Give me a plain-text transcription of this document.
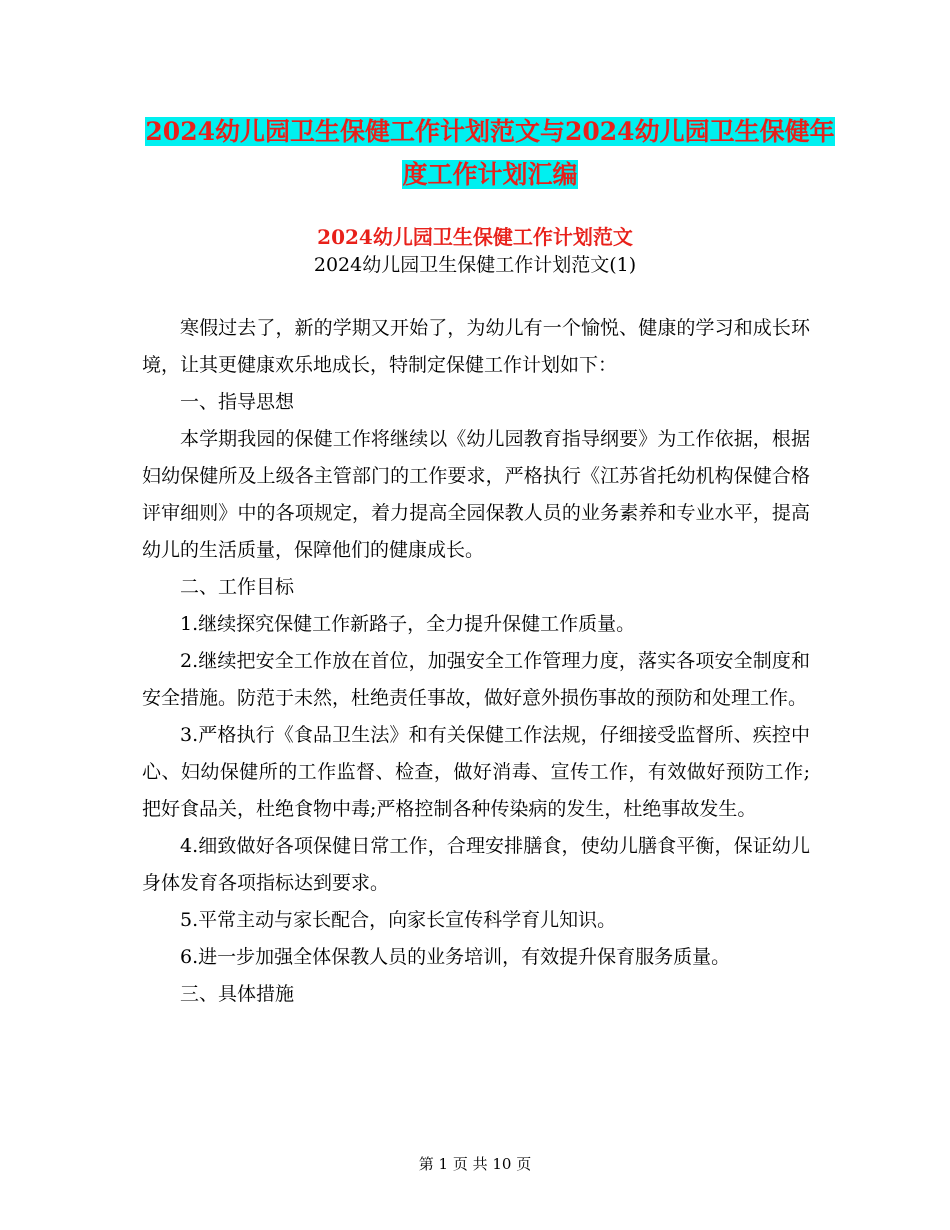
2024幼儿园卫生保健工作计划范文与2024幼儿园卫生保健年度工作计划汇编
2024幼儿园卫生保健工作计划范文
2024幼儿园卫生保健工作计划范文(1)

寒假过去了，新的学期又开始了，为幼儿有一个愉悦、健康的学习和成长环境，让其更健康欢乐地成长，特制定保健工作计划如下：

一、指导思想

本学期我园的保健工作将继续以《幼儿园教育指导纲要》为工作依据，根据妇幼保健所及上级各主管部门的工作要求，严格执行《江苏省托幼机构保健合格评审细则》中的各项规定，着力提高全园保教人员的业务素养和专业水平，提高幼儿的生活质量，保障他们的健康成长。

二、工作目标

1.继续探究保健工作新路子，全力提升保健工作质量。

2.继续把安全工作放在首位，加强安全工作管理力度，落实各项安全制度和安全措施。防范于未然，杜绝责任事故，做好意外损伤事故的预防和处理工作。

3.严格执行《食品卫生法》和有关保健工作法规，仔细接受监督所、疾控中心、妇幼保健所的工作监督、检查，做好消毒、宣传工作，有效做好预防工作;把好食品关，杜绝食物中毒;严格控制各种传染病的发生，杜绝事故发生。

4.细致做好各项保健日常工作，合理安排膳食，使幼儿膳食平衡，保证幼儿身体发育各项指标达到要求。

5.平常主动与家长配合，向家长宣传科学育儿知识。

6.进一步加强全体保教人员的业务培训，有效提升保育服务质量。

三、具体措施

第 1 页 共 10 页
